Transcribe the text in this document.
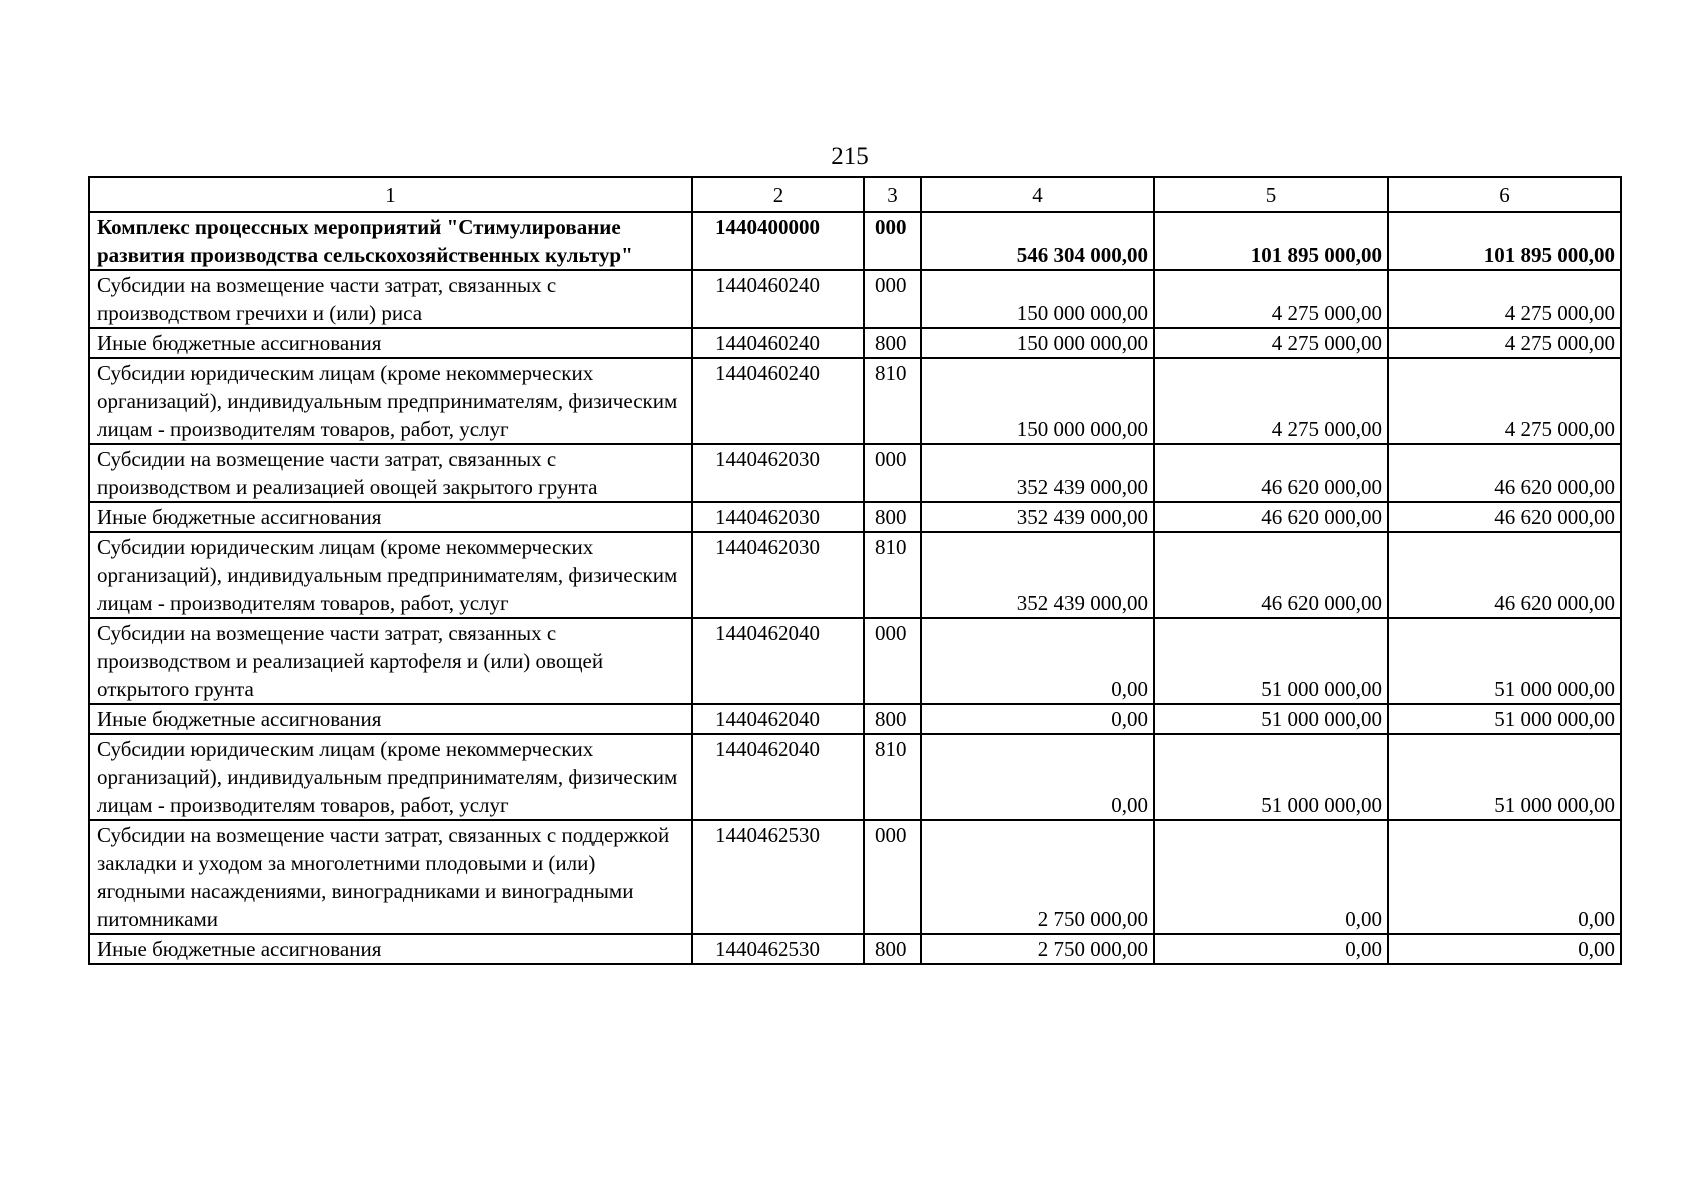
215
1	2	3	4	5	6
Комплекс процессных мероприятий "Стимулирование развития производства сельскохозяйственных культур"	1440400000	000	546 304 000,00	101 895 000,00	101 895 000,00
Субсидии на возмещение части затрат, связанных с производством гречихи и (или) риса	1440460240	000	150 000 000,00	4 275 000,00	4 275 000,00
Иные бюджетные ассигнования	1440460240	800	150 000 000,00	4 275 000,00	4 275 000,00
Субсидии юридическим лицам (кроме некоммерческих организаций), индивидуальным предпринимателям, физическим лицам - производителям товаров, работ, услуг	1440460240	810	150 000 000,00	4 275 000,00	4 275 000,00
Субсидии на возмещение части затрат, связанных с производством и реализацией овощей закрытого грунта	1440462030	000	352 439 000,00	46 620 000,00	46 620 000,00
Иные бюджетные ассигнования	1440462030	800	352 439 000,00	46 620 000,00	46 620 000,00
Субсидии юридическим лицам (кроме некоммерческих организаций), индивидуальным предпринимателям, физическим лицам - производителям товаров, работ, услуг	1440462030	810	352 439 000,00	46 620 000,00	46 620 000,00
Субсидии на возмещение части затрат, связанных с производством и реализацией картофеля и (или) овощей открытого грунта	1440462040	000	0,00	51 000 000,00	51 000 000,00
Иные бюджетные ассигнования	1440462040	800	0,00	51 000 000,00	51 000 000,00
Субсидии юридическим лицам (кроме некоммерческих организаций), индивидуальным предпринимателям, физическим лицам - производителям товаров, работ, услуг	1440462040	810	0,00	51 000 000,00	51 000 000,00
Субсидии на возмещение части затрат, связанных с поддержкой закладки и уходом за многолетними плодовыми и (или) ягодными насаждениями, виноградниками и виноградными питомниками	1440462530	000	2 750 000,00	0,00	0,00
Иные бюджетные ассигнования	1440462530	800	2 750 000,00	0,00	0,00
